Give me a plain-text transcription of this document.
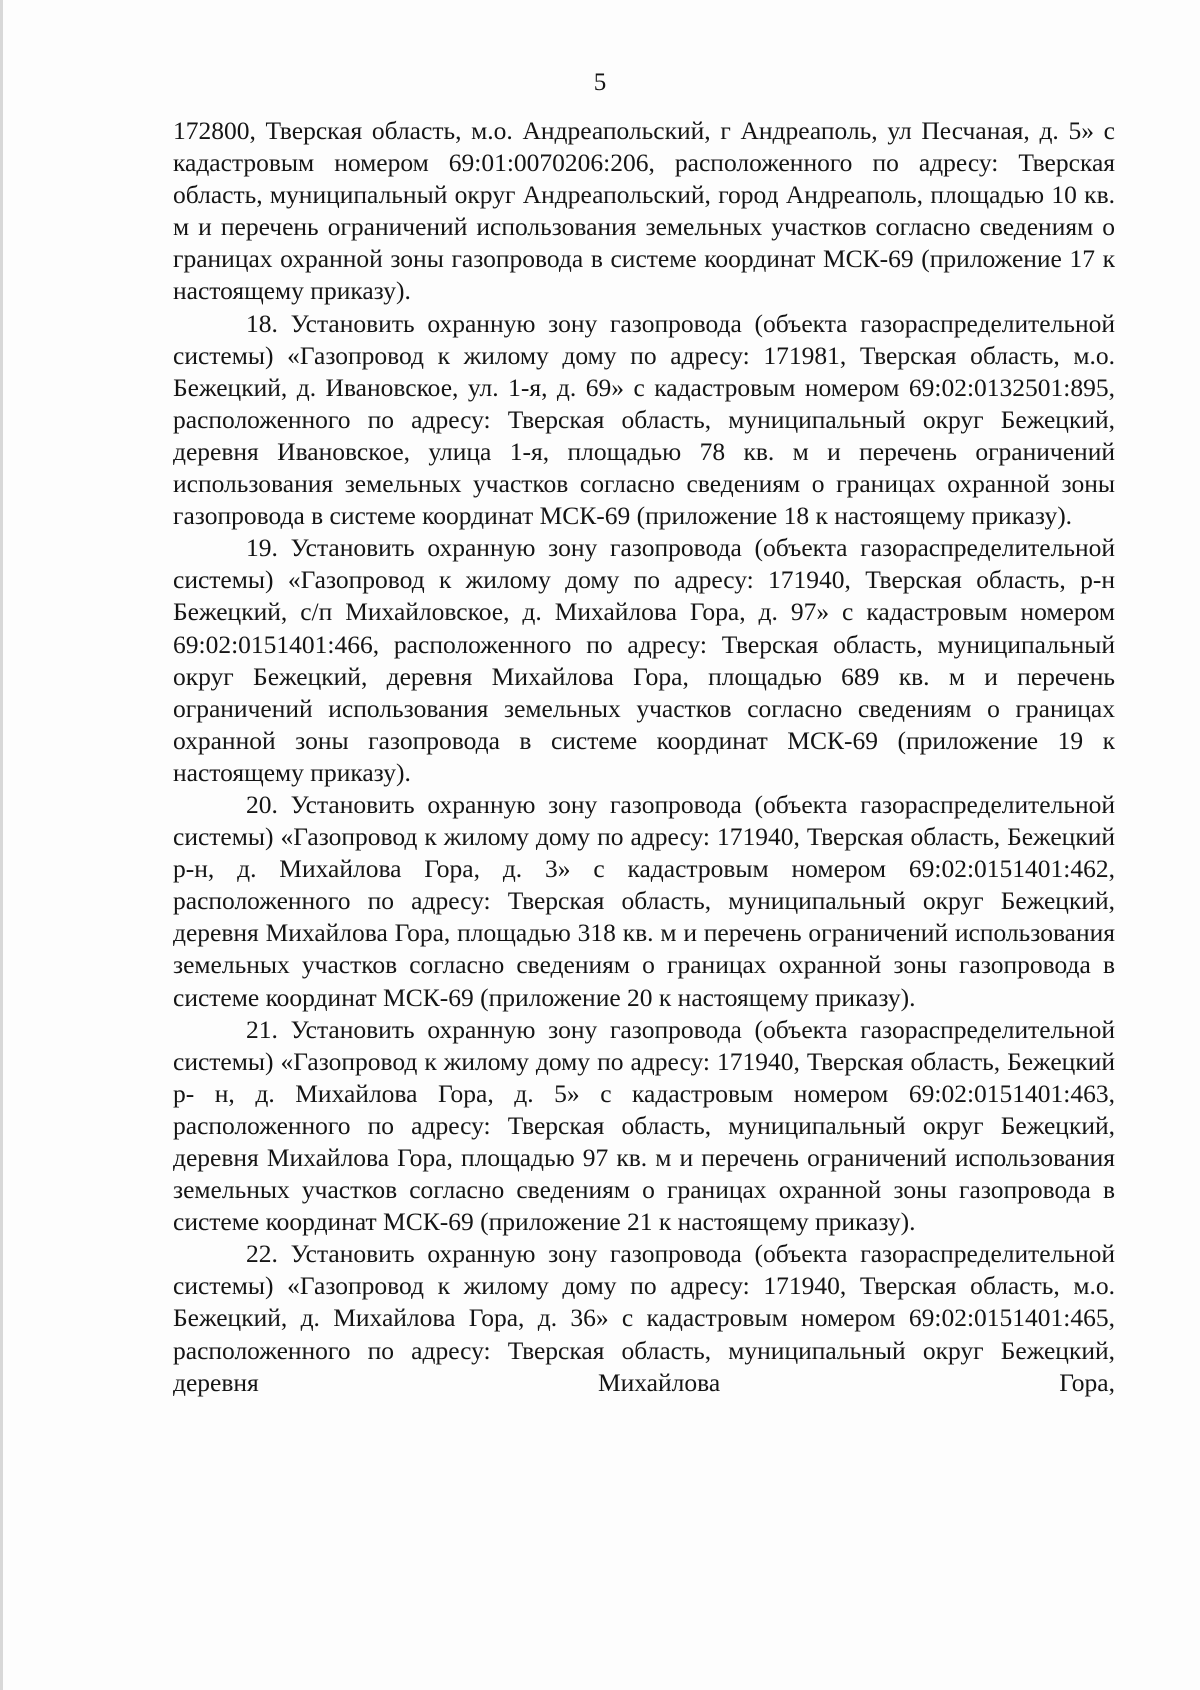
5

172800, Тверская область, м.о. Андреапольский, г Андреаполь, ул Песчаная, д. 5» с кадастровым номером 69:01:0070206:206, расположенного по адресу: Тверская область, муниципальный округ Андреапольский, город Андреаполь, площадью 10 кв. м и перечень ограничений использования земельных участков согласно сведениям о границах охранной зоны газопровода в системе координат МСК-69 (приложение 17 к настоящему приказу).

18. Установить охранную зону газопровода (объекта газораспределительной системы) «Газопровод к жилому дому по адресу: 171981, Тверская область, м.о. Бежецкий, д. Ивановское, ул. 1-я, д. 69» с кадастровым номером 69:02:0132501:895, расположенного по адресу: Тверская область, муниципальный округ Бежецкий, деревня Ивановское, улица 1-я, площадью 78 кв. м и перечень ограничений использования земельных участков согласно сведениям о границах охранной зоны газопровода в системе координат МСК-69 (приложение 18 к настоящему приказу).

19. Установить охранную зону газопровода (объекта газораспределительной системы) «Газопровод к жилому дому по адресу: 171940, Тверская область, р-н Бежецкий, с/п Михайловское, д. Михайлова Гора, д. 97» с кадастровым номером 69:02:0151401:466, расположенного по адресу: Тверская область, муниципальный округ Бежецкий, деревня Михайлова Гора, площадью 689 кв. м и перечень ограничений использования земельных участков согласно сведениям о границах охранной зоны газопровода в системе координат МСК-69 (приложение 19 к настоящему приказу).

20. Установить охранную зону газопровода (объекта газораспределительной системы) «Газопровод к жилому дому по адресу: 171940, Тверская область, Бежецкий р-н, д. Михайлова Гора, д. 3» с кадастровым номером 69:02:0151401:462, расположенного по адресу: Тверская область, муниципальный округ Бежецкий, деревня Михайлова Гора, площадью 318 кв. м и перечень ограничений использования земельных участков согласно сведениям о границах охранной зоны газопровода в системе координат МСК-69 (приложение 20 к настоящему приказу).

21. Установить охранную зону газопровода (объекта газораспределительной системы) «Газопровод к жилому дому по адресу: 171940, Тверская область, Бежецкий р- н, д. Михайлова Гора, д. 5» с кадастровым номером 69:02:0151401:463, расположенного по адресу: Тверская область, муниципальный округ Бежецкий, деревня Михайлова Гора, площадью 97 кв. м и перечень ограничений использования земельных участков согласно сведениям о границах охранной зоны газопровода в системе координат МСК-69 (приложение 21 к настоящему приказу).

22. Установить охранную зону газопровода (объекта газораспределительной системы) «Газопровод к жилому дому по адресу: 171940, Тверская область, м.о. Бежецкий, д. Михайлова Гора, д. 36» с кадастровым номером 69:02:0151401:465, расположенного по адресу: Тверская область, муниципальный округ Бежецкий, деревня Михайлова Гора,
